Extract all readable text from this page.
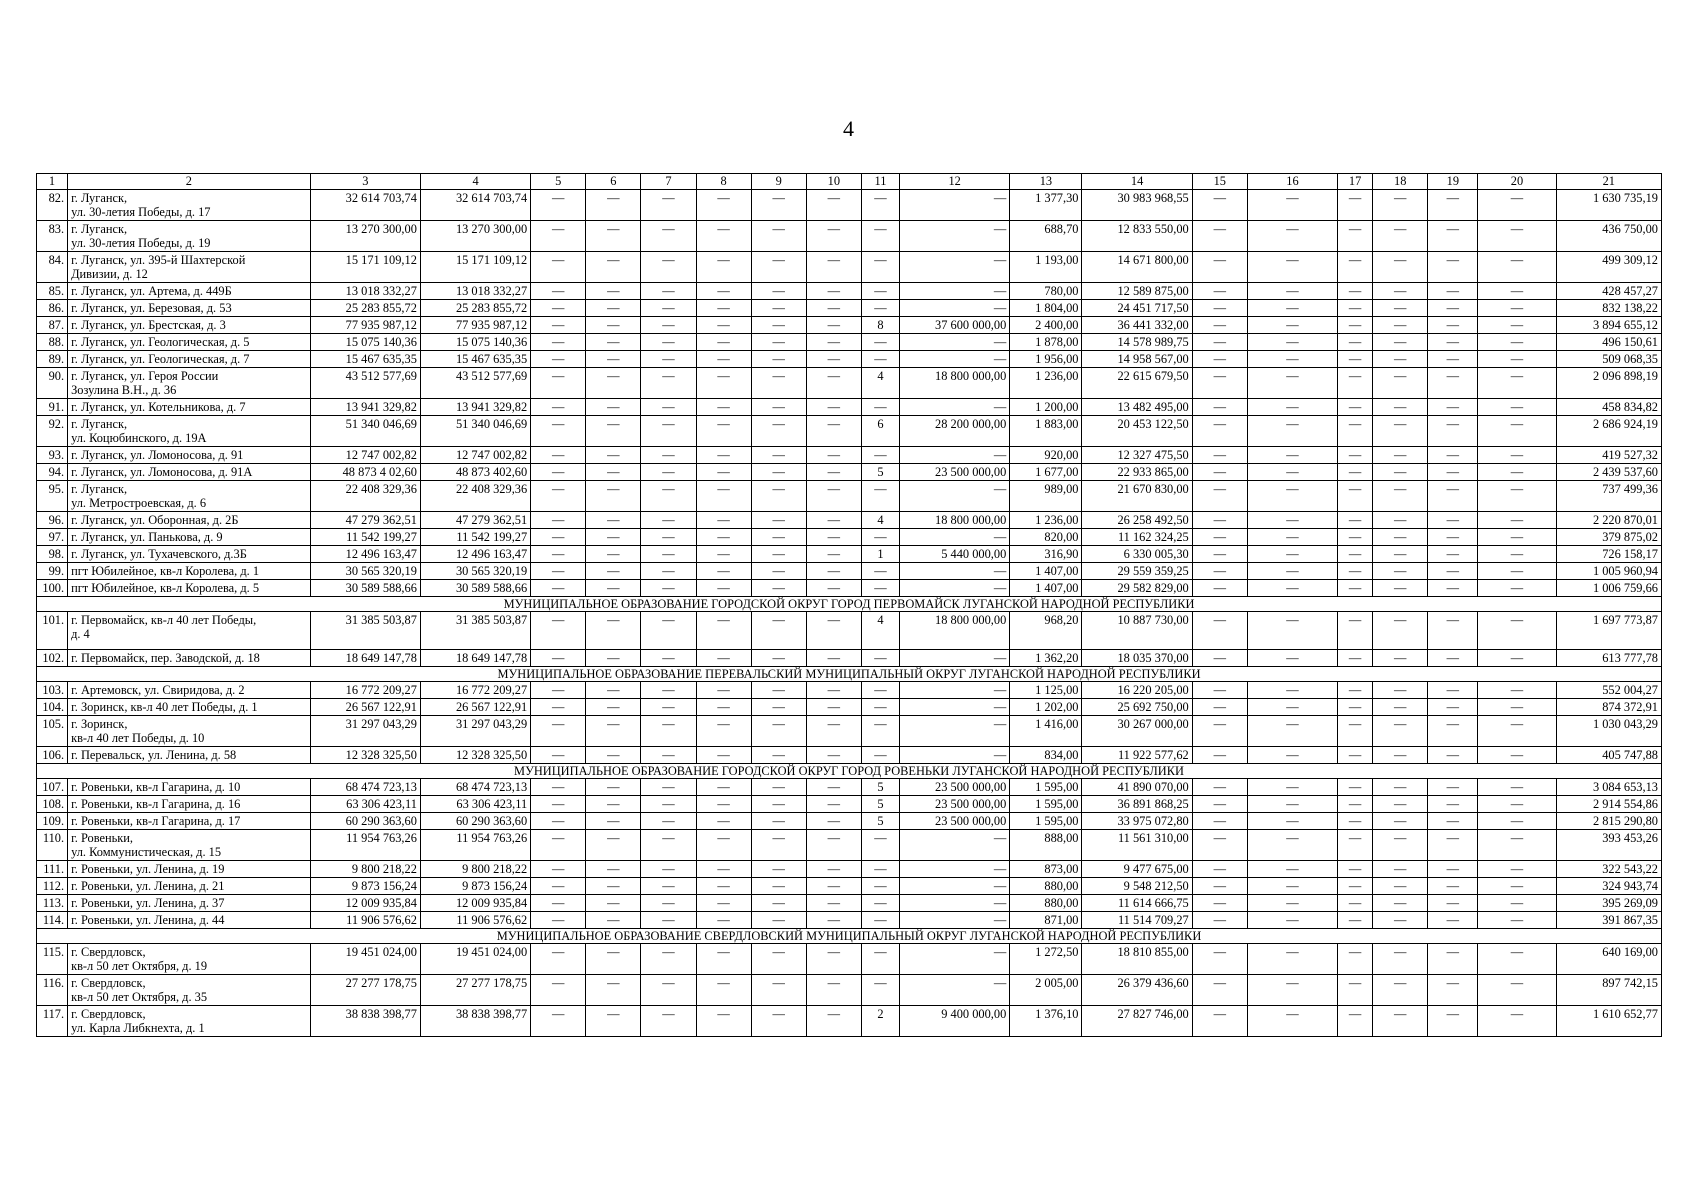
4
1	2	3	4	5	6	7	8	9	10	11	12	13	14	15	16	17	18	19	20	21
82.	г. Луганск,
ул. 30-летия Победы, д. 17	32 614 703,74	32 614 703,74	—	—	—	—	—	—	—	—	1 377,30	30 983 968,55	—	—	—	—	—	—	1 630 735,19
83.	г. Луганск,
ул. 30-летия Победы, д. 19	13 270 300,00	13 270 300,00	—	—	—	—	—	—	—	—	688,70	12 833 550,00	—	—	—	—	—	—	436 750,00
84.	г. Луганск, ул. 395-й Шахтерской
Дивизии, д. 12	15 171 109,12	15 171 109,12	—	—	—	—	—	—	—	—	1 193,00	14 671 800,00	—	—	—	—	—	—	499 309,12
85.	г. Луганск, ул. Артема, д. 449Б	13 018 332,27	13 018 332,27	—	—	—	—	—	—	—	—	780,00	12 589 875,00	—	—	—	—	—	—	428 457,27
86.	г. Луганск, ул. Березовая, д. 53	25 283 855,72	25 283 855,72	—	—	—	—	—	—	—	—	1 804,00	24 451 717,50	—	—	—	—	—	—	832 138,22
87.	г. Луганск, ул. Брестская, д. 3	77 935 987,12	77 935 987,12	—	—	—	—	—	—	8	37 600 000,00	2 400,00	36 441 332,00	—	—	—	—	—	—	3 894 655,12
88.	г. Луганск, ул. Геологическая, д. 5	15 075 140,36	15 075 140,36	—	—	—	—	—	—	—	—	1 878,00	14 578 989,75	—	—	—	—	—	—	496 150,61
89.	г. Луганск, ул. Геологическая, д. 7	15 467 635,35	15 467 635,35	—	—	—	—	—	—	—	—	1 956,00	14 958 567,00	—	—	—	—	—	—	509 068,35
90.	г. Луганск, ул. Героя России
Зозулина В.Н., д. 36	43 512 577,69	43 512 577,69	—	—	—	—	—	—	4	18 800 000,00	1 236,00	22 615 679,50	—	—	—	—	—	—	2 096 898,19
91.	г. Луганск, ул. Котельникова, д. 7	13 941 329,82	13 941 329,82	—	—	—	—	—	—	—	—	1 200,00	13 482 495,00	—	—	—	—	—	—	458 834,82
92.	г. Луганск,
ул. Коцюбинского, д. 19А	51 340 046,69	51 340 046,69	—	—	—	—	—	—	6	28 200 000,00	1 883,00	20 453 122,50	—	—	—	—	—	—	2 686 924,19
93.	г. Луганск, ул. Ломоносова, д. 91	12 747 002,82	12 747 002,82	—	—	—	—	—	—	—	—	920,00	12 327 475,50	—	—	—	—	—	—	419 527,32
94.	г. Луганск, ул. Ломоносова, д. 91А	48 873 4 02,60	48 873 402,60	—	—	—	—	—	—	5	23 500 000,00	1 677,00	22 933 865,00	—	—	—	—	—	—	2 439 537,60
95.	г. Луганск,
ул. Метростроевская, д. 6	22 408 329,36	22 408 329,36	—	—	—	—	—	—	—	—	989,00	21 670 830,00	—	—	—	—	—	—	737 499,36
96.	г. Луганск, ул. Оборонная, д. 2Б	47 279 362,51	47 279 362,51	—	—	—	—	—	—	4	18 800 000,00	1 236,00	26 258 492,50	—	—	—	—	—	—	2 220 870,01
97.	г. Луганск, ул. Панькова, д. 9	11 542 199,27	11 542 199,27	—	—	—	—	—	—	—	—	820,00	11 162 324,25	—	—	—	—	—	—	379 875,02
98.	г. Луганск, ул. Тухачевского, д.3Б	12 496 163,47	12 496 163,47	—	—	—	—	—	—	1	5 440 000,00	316,90	6 330 005,30	—	—	—	—	—	—	726 158,17
99.	пгт Юбилейное, кв-л Королева, д. 1	30 565 320,19	30 565 320,19	—	—	—	—	—	—	—	—	1 407,00	29 559 359,25	—	—	—	—	—	—	1 005 960,94
100.	пгт Юбилейное, кв-л Королева, д. 5	30 589 588,66	30 589 588,66	—	—	—	—	—	—	—	—	1 407,00	29 582 829,00	—	—	—	—	—	—	1 006 759,66
МУНИЦИПАЛЬНОЕ ОБРАЗОВАНИЕ ГОРОДСКОЙ ОКРУГ ГОРОД ПЕРВОМАЙСК ЛУГАНСКОЙ НАРОДНОЙ РЕСПУБЛИКИ																				
101.	г. Первомайск, кв-л 40 лет Победы,
д. 4	31 385 503,87	31 385 503,87	—	—	—	—	—	—	4	18 800 000,00	968,20	10 887 730,00	—	—	—	—	—	—	1 697 773,87
102.	г. Первомайск, пер. Заводской, д. 18	18 649 147,78	18 649 147,78	—	—	—	—	—	—	—	—	1 362,20	18 035 370,00	—	—	—	—	—	—	613 777,78
МУНИЦИПАЛЬНОЕ ОБРАЗОВАНИЕ ПЕРЕВАЛЬСКИЙ МУНИЦИПАЛЬНЫЙ ОКРУГ ЛУГАНСКОЙ НАРОДНОЙ РЕСПУБЛИКИ																				
103.	г. Артемовск, ул. Свиридова, д. 2	16 772 209,27	16 772 209,27	—	—	—	—	—	—	—	—	1 125,00	16 220 205,00	—	—	—	—	—	—	552 004,27
104.	г. Зоринск, кв-л 40 лет Победы, д. 1	26 567 122,91	26 567 122,91	—	—	—	—	—	—	—	—	1 202,00	25 692 750,00	—	—	—	—	—	—	874 372,91
105.	г. Зоринск,
кв-л 40 лет Победы, д. 10	31 297 043,29	31 297 043,29	—	—	—	—	—	—	—	—	1 416,00	30 267 000,00	—	—	—	—	—	—	1 030 043,29
106.	г. Перевальск, ул. Ленина, д. 58	12 328 325,50	12 328 325,50	—	—	—	—	—	—	—	—	834,00	11 922 577,62	—	—	—	—	—	—	405 747,88
МУНИЦИПАЛЬНОЕ ОБРАЗОВАНИЕ ГОРОДСКОЙ ОКРУГ ГОРОД РОВЕНЬКИ ЛУГАНСКОЙ НАРОДНОЙ РЕСПУБЛИКИ																				
107.	г. Ровеньки, кв-л Гагарина, д. 10	68 474 723,13	68 474 723,13	—	—	—	—	—	—	5	23 500 000,00	1 595,00	41 890 070,00	—	—	—	—	—	—	3 084 653,13
108.	г. Ровеньки, кв-л Гагарина, д. 16	63 306 423,11	63 306 423,11	—	—	—	—	—	—	5	23 500 000,00	1 595,00	36 891 868,25	—	—	—	—	—	—	2 914 554,86
109.	г. Ровеньки, кв-л Гагарина, д. 17	60 290 363,60	60 290 363,60	—	—	—	—	—	—	5	23 500 000,00	1 595,00	33 975 072,80	—	—	—	—	—	—	2 815 290,80
110.	г. Ровеньки,
ул. Коммунистическая, д. 15	11 954 763,26	11 954 763,26	—	—	—	—	—	—	—	—	888,00	11 561 310,00	—	—	—	—	—	—	393 453,26
111.	г. Ровеньки, ул. Ленина, д. 19	9 800 218,22	9 800 218,22	—	—	—	—	—	—	—	—	873,00	9 477 675,00	—	—	—	—	—	—	322 543,22
112.	г. Ровеньки, ул. Ленина, д. 21	9 873 156,24	9 873 156,24	—	—	—	—	—	—	—	—	880,00	9 548 212,50	—	—	—	—	—	—	324 943,74
113.	г. Ровеньки, ул. Ленина, д. 37	12 009 935,84	12 009 935,84	—	—	—	—	—	—	—	—	880,00	11 614 666,75	—	—	—	—	—	—	395 269,09
114.	г. Ровеньки, ул. Ленина, д. 44	11 906 576,62	11 906 576,62	—	—	—	—	—	—	—	—	871,00	11 514 709,27	—	—	—	—	—	—	391 867,35
МУНИЦИПАЛЬНОЕ ОБРАЗОВАНИЕ СВЕРДЛОВСКИЙ МУНИЦИПАЛЬНЫЙ ОКРУГ ЛУГАНСКОЙ НАРОДНОЙ РЕСПУБЛИКИ																				
115.	г. Свердловск,
кв-л 50 лет Октября, д. 19	19 451 024,00	19 451 024,00	—	—	—	—	—	—	—	—	1 272,50	18 810 855,00	—	—	—	—	—	—	640 169,00
116.	г. Свердловск,
кв-л 50 лет Октября, д. 35	27 277 178,75	27 277 178,75	—	—	—	—	—	—	—	—	2 005,00	26 379 436,60	—	—	—	—	—	—	897 742,15
117.	г. Свердловск,
ул. Карла Либкнехта, д. 1	38 838 398,77	38 838 398,77	—	—	—	—	—	—	2	9 400 000,00	1 376,10	27 827 746,00	—	—	—	—	—	—	1 610 652,77
